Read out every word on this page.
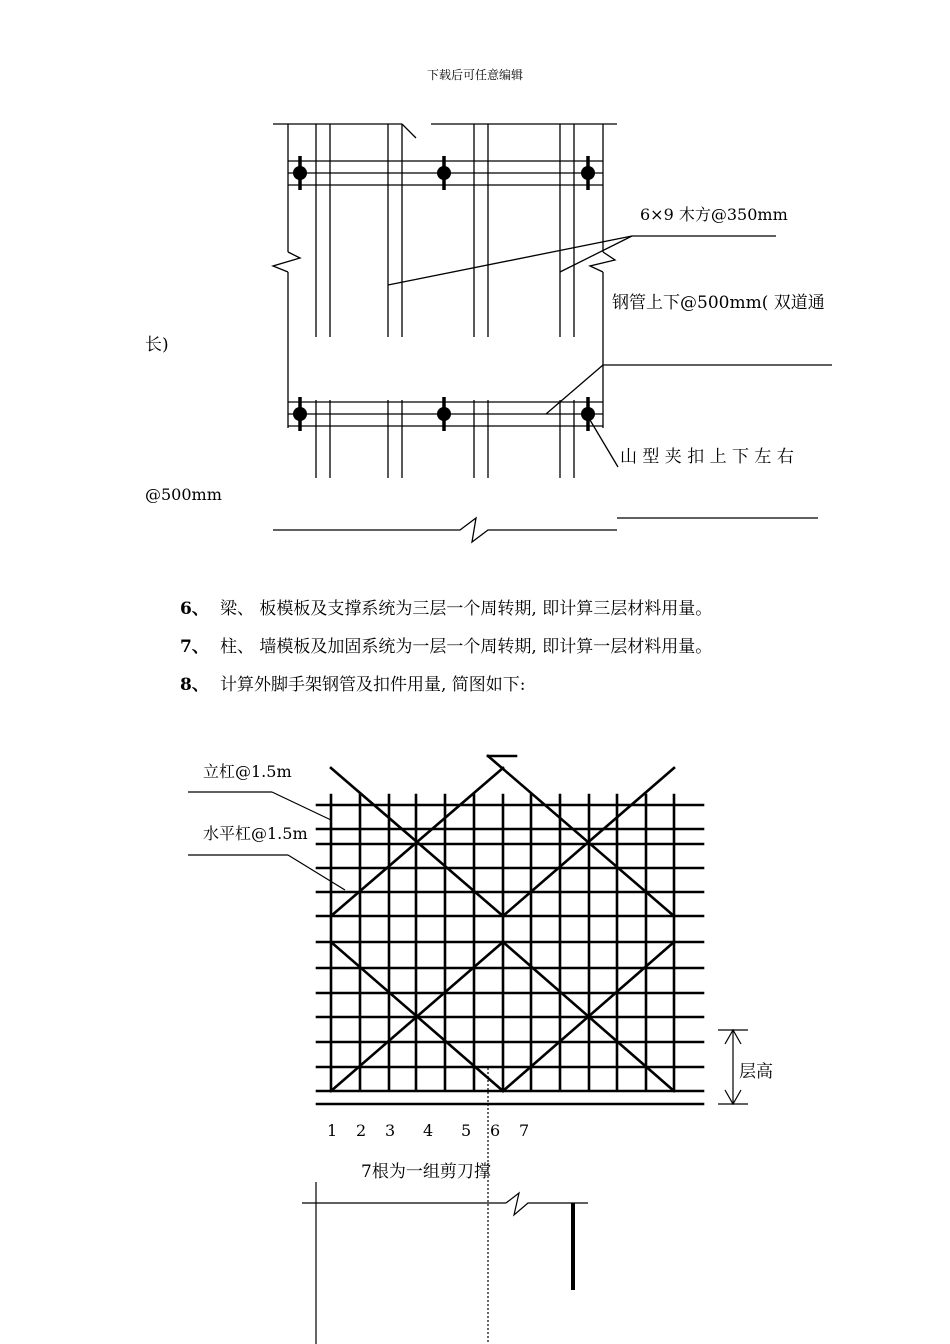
下载后可任意编辑
6×9 木方@350mm
钢管上下@500mm( 双道通
长)
山 型 夹 扣 上 下 左 右
@500mm
6、 梁、 板模板及支撑系统为三层一个周转期, 即计算三层材料用量。
7、 柱、 墙模板及加固系统为一层一个周转期, 即计算一层材料用量。
8、 计算外脚手架钢管及扣件用量, 简图如下:
立杠@1.5m
水平杠@1.5m
层高
1 2 3 4 5 6 7
7根为一组剪刀撑
